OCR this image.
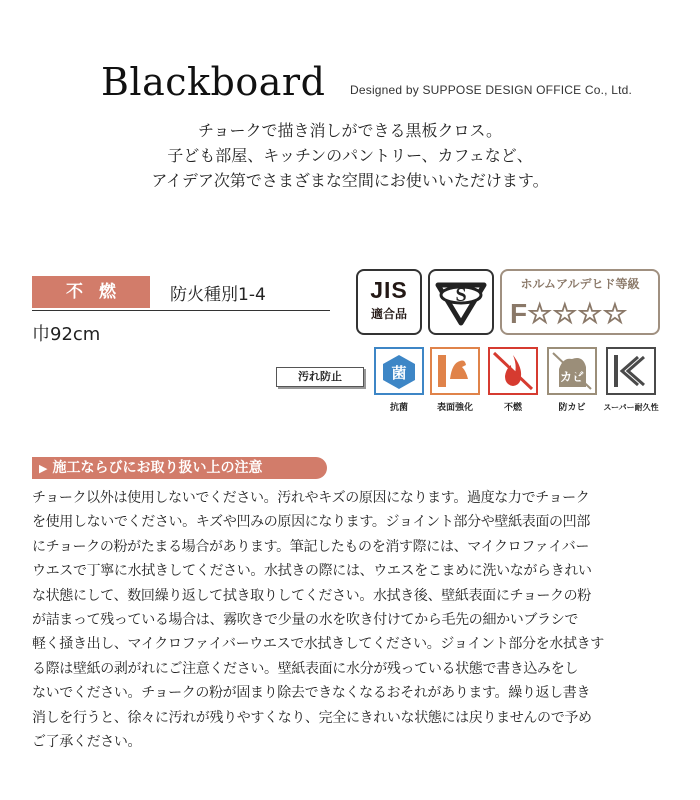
Blackboard Designed by SUPPOSE DESIGN OFFICE Co., Ltd.
チョークで描き消しができる黒板クロス。
子ども部屋、キッチンのパントリー、カフェなど、
アイデア次第でさまざまな空間にお使いいただけます。
不燃	防火種別1-4
巾92cm
JIS
適合品
S	ホルムアルデヒド等級
F☆☆☆☆
汚れ防止	菌
抗菌	表面強化	不燃
カビ
防カビ	スーパー耐久性
▶ 施工ならびにお取り扱い上の注意
チョーク以外は使用しないでください。汚れやキズの原因になります。過度な力でチョーク
を使用しないでください。キズや凹みの原因になります。ジョイント部分や壁紙表面の凹部
にチョークの粉がたまる場合があります。筆記したものを消す際には、マイクロファイバー
ウエスで丁寧に水拭きしてください。水拭きの際には、ウエスをこまめに洗いながらきれい
な状態にして、数回繰り返して拭き取りしてください。水拭き後、壁紙表面にチョークの粉
が詰まって残っている場合は、霧吹きで少量の水を吹き付けてから毛先の細かいブラシで
軽く掻き出し、マイクロファイバーウエスで水拭きしてください。ジョイント部分を水拭きす
る際は壁紙の剥がれにご注意ください。壁紙表面に水分が残っている状態で書き込みをし
ないでください。チョークの粉が固まり除去できなくなるおそれがあります。繰り返し書き
消しを行うと、徐々に汚れが残りやすくなり、完全にきれいな状態には戻りませんので予め
ご了承ください。
